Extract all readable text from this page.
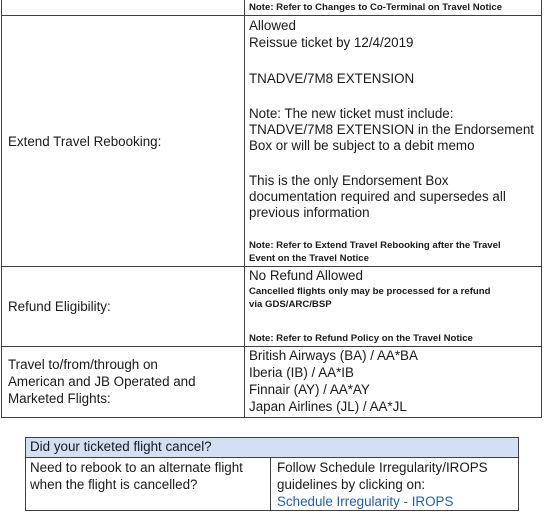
Note: Refer to Changes to Co-Terminal on Travel Notice
Extend Travel Rebooking:
Allowed
Reissue ticket by 12/4/2019
TNADVE/7M8 EXTENSION
Note: The new ticket must include:
TNADVE/7M8 EXTENSION in the Endorsement
Box or will be subject to a debit memo
This is the only Endorsement Box
documentation required and supersedes all
previous information
Note: Refer to Extend Travel Rebooking after the Travel
Event on the Travel Notice
Refund Eligibility:
No Refund Allowed
Cancelled flights only may be processed for a refund
via GDS/ARC/BSP
Note: Refer to Refund Policy on the Travel Notice
Travel to/from/through on
American and JB Operated and
Marketed Flights:
British Airways (BA) / AA*BA
Iberia (IB) / AA*IB
Finnair (AY) / AA*AY
Japan Airlines (JL) / AA*JL
Did your ticketed flight cancel?
Need to rebook to an alternate flight
when the flight is cancelled?
Follow Schedule Irregularity/IROPS
guidelines by clicking on:
Schedule Irregularity - IROPS
